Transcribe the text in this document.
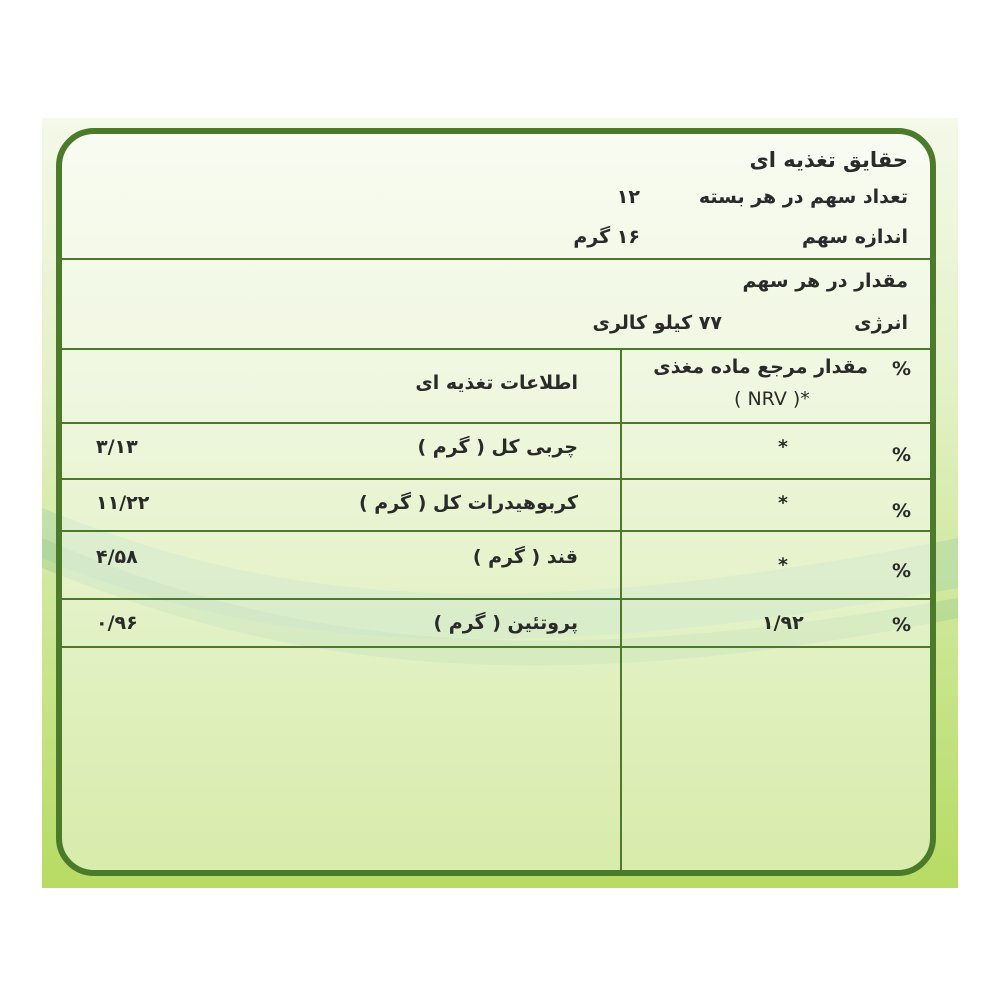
حقایق تغذیه ای
تعداد سهم در هر بسته
۱۲
اندازه سهم
۱۶ گرم
مقدار در هر سهم
انرژی
۷۷ کیلو کالری
%
مقدار مرجع ماده مغذی
*( NRV )
اطلاعات تغذیه ای
%
*
چربی کل ( گرم )
۳/۱۳
%
*
کربوهیدرات کل ( گرم )
۱۱/۲۲
%
*
قند ( گرم )
۴/۵۸
%
۱/۹۲
پروتئین ( گرم )
۰/۹۶
